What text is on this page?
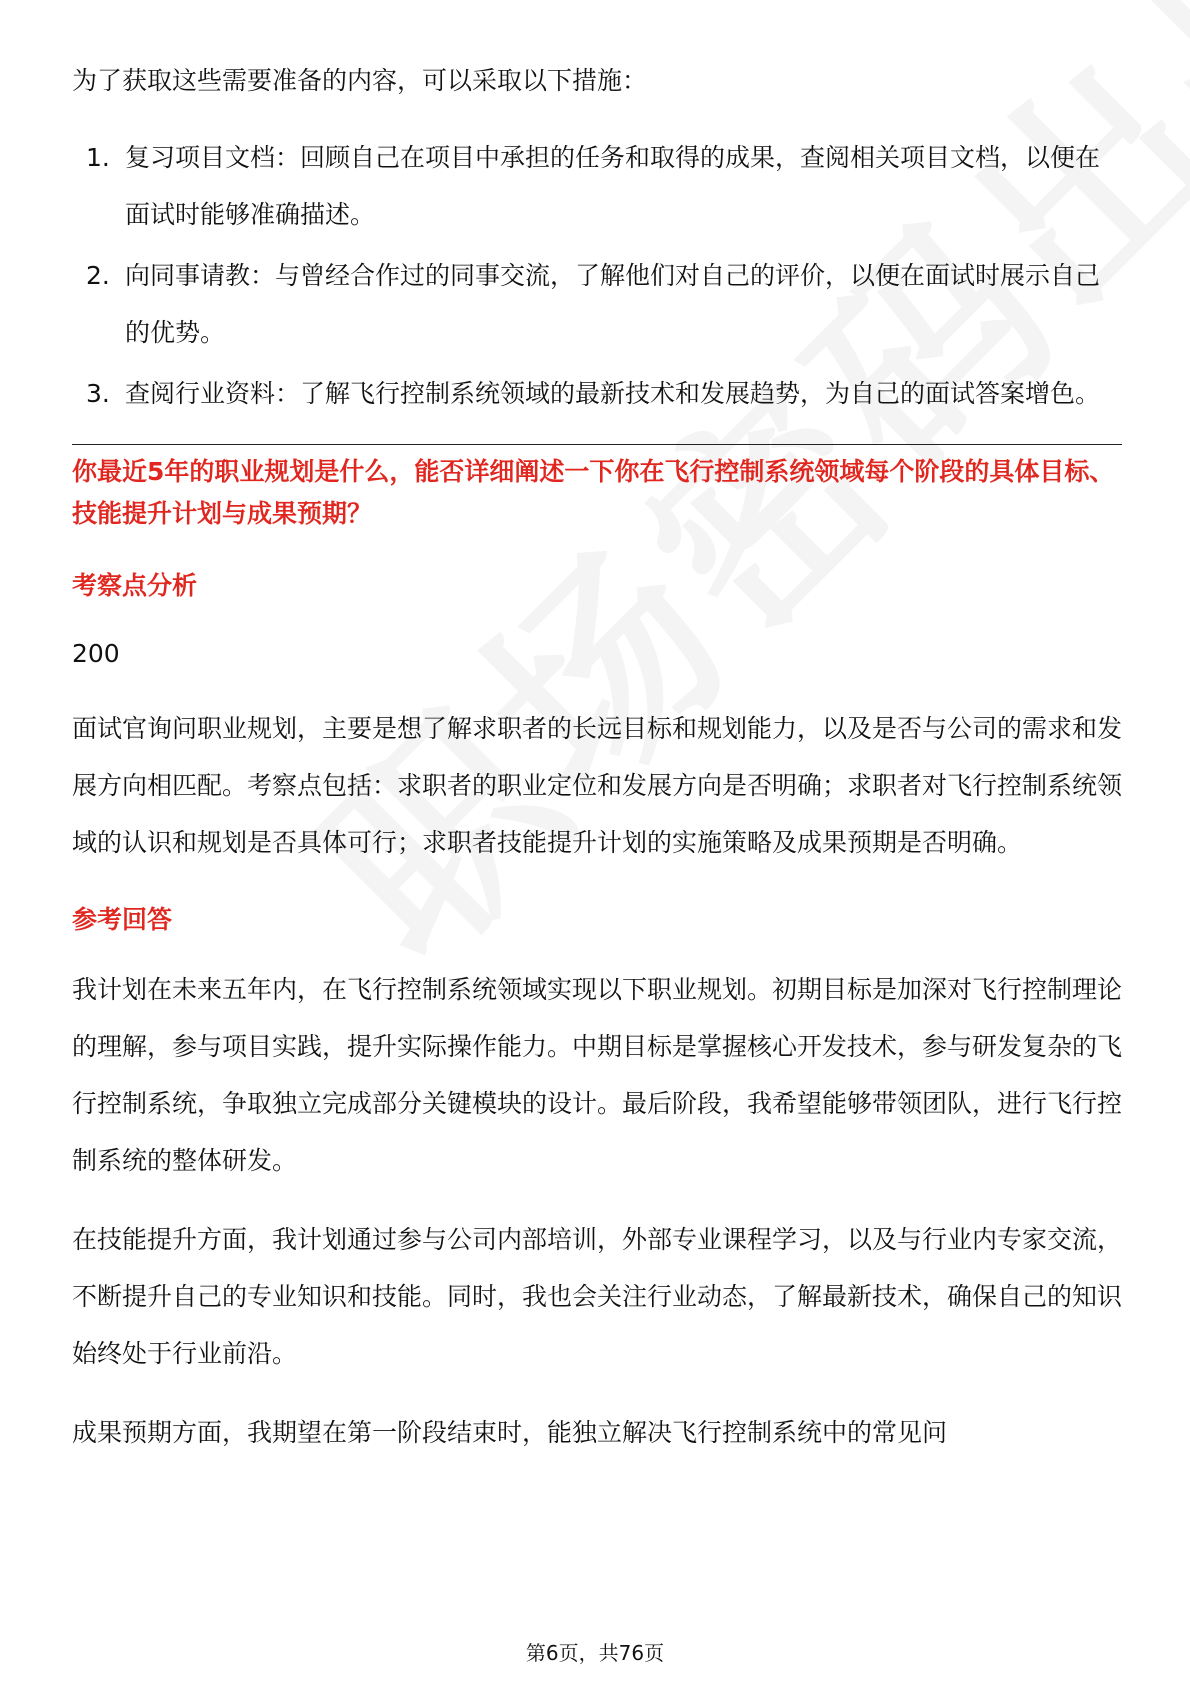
为了获取这些需要准备的内容，可以采取以下措施：

1. 复习项目文档：回顾自己在项目中承担的任务和取得的成果，查阅相关项目文档，以便在面试时能够准确描述。
2. 向同事请教：与曾经合作过的同事交流，了解他们对自己的评价，以便在面试时展示自己的优势。
3. 查阅行业资料：了解飞行控制系统领域的最新技术和发展趋势，为自己的面试答案增色。

你最近5年的职业规划是什么，能否详细阐述一下你在飞行控制系统领域每个阶段的具体目标、技能提升计划与成果预期？

考察点分析

200

面试官询问职业规划，主要是想了解求职者的长远目标和规划能力，以及是否与公司的需求和发展方向相匹配。考察点包括：求职者的职业定位和发展方向是否明确；求职者对飞行控制系统领域的认识和规划是否具体可行；求职者技能提升计划的实施策略及成果预期是否明确。

参考回答

我计划在未来五年内，在飞行控制系统领域实现以下职业规划。初期目标是加深对飞行控制理论的理解，参与项目实践，提升实际操作能力。中期目标是掌握核心开发技术，参与研发复杂的飞行控制系统，争取独立完成部分关键模块的设计。最后阶段，我希望能够带领团队，进行飞行控制系统的整体研发。

在技能提升方面，我计划通过参与公司内部培训，外部专业课程学习，以及与行业内专家交流，不断提升自己的专业知识和技能。同时，我也会关注行业动态，了解最新技术，确保自己的知识始终处于行业前沿。

成果预期方面，我期望在第一阶段结束时，能独立解决飞行控制系统中的常见问

第6页，共76页
